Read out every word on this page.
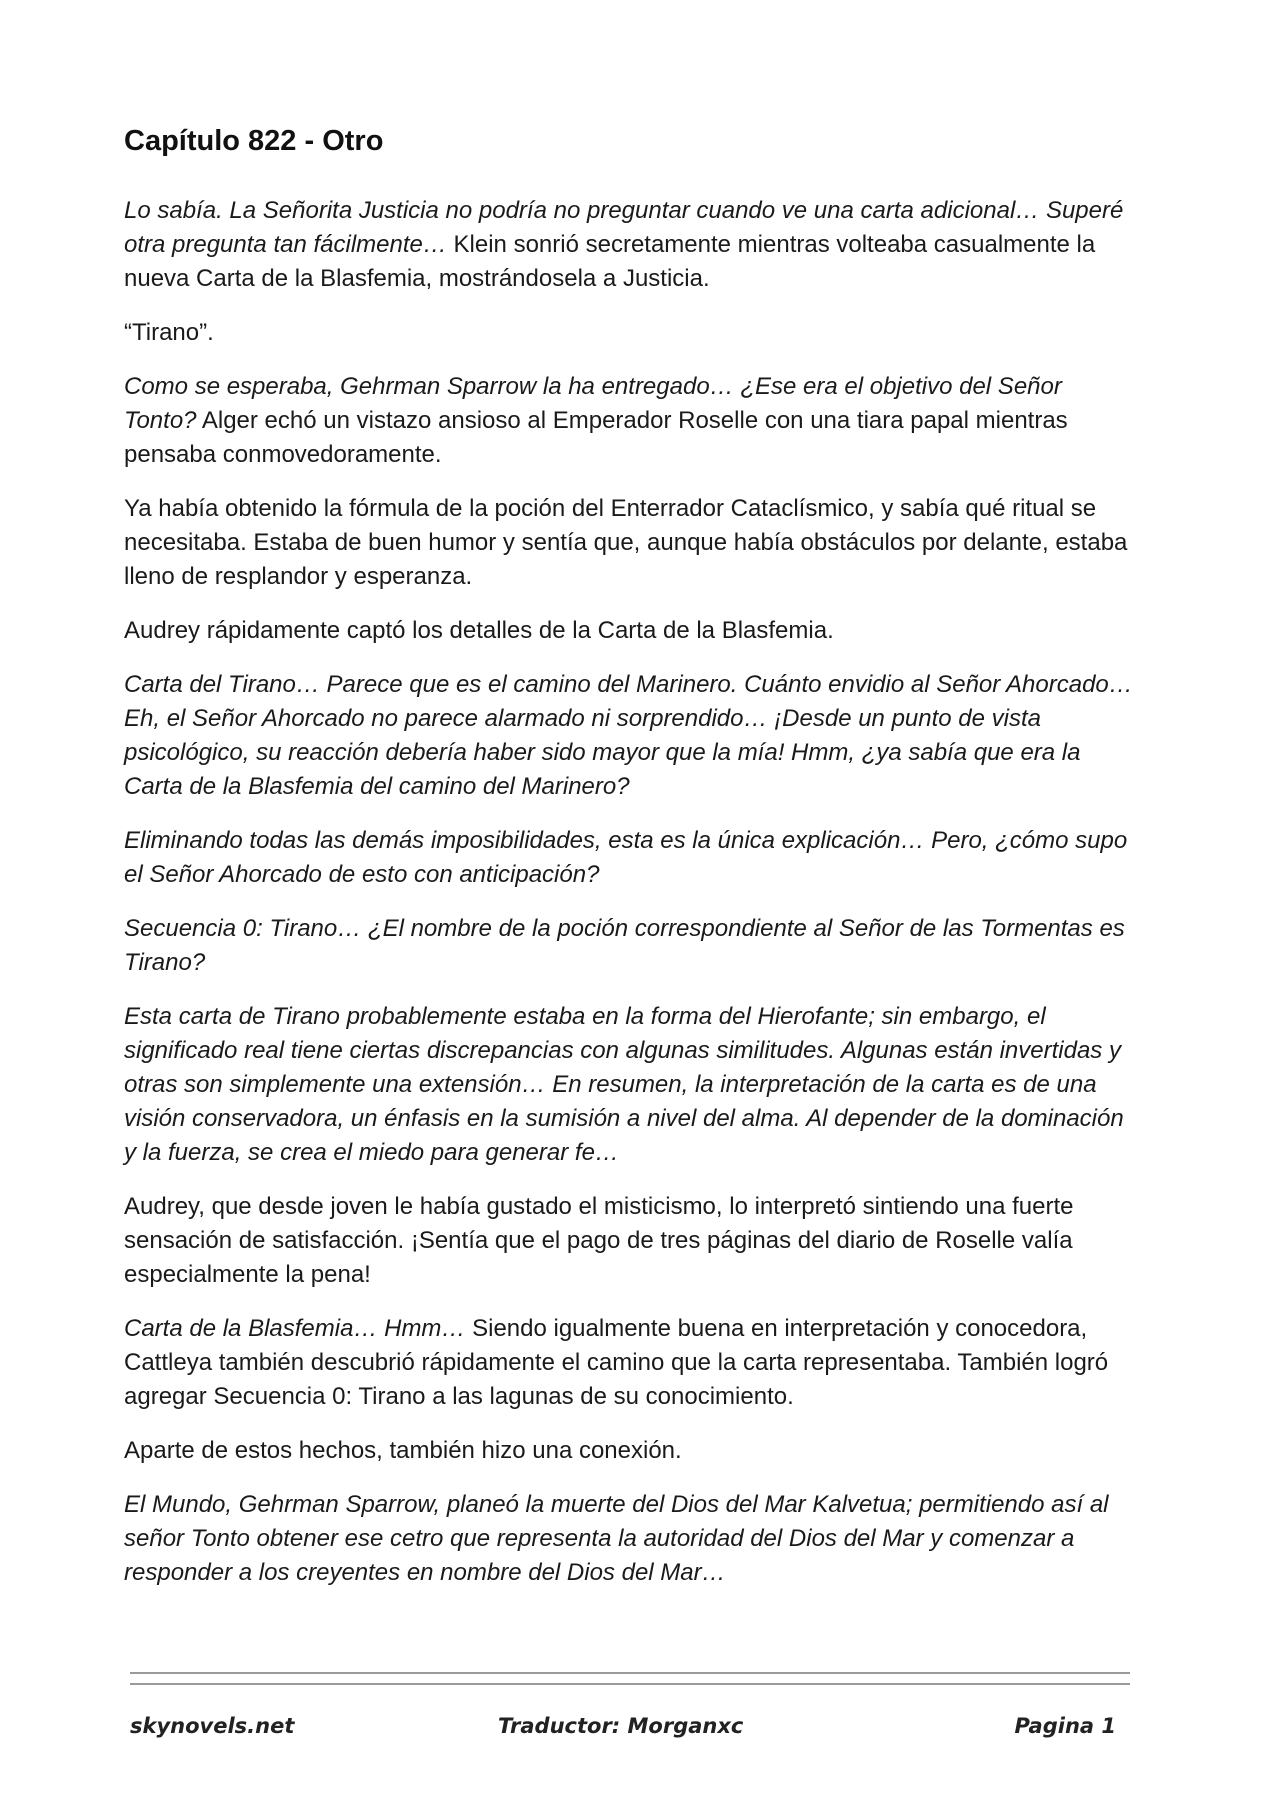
Capítulo 822 - Otro

Lo sabía. La Señorita Justicia no podría no preguntar cuando ve una carta adicional… Superé otra pregunta tan fácilmente… Klein sonrió secretamente mientras volteaba casualmente la nueva Carta de la Blasfemia, mostrándosela a Justicia.

“Tirano”.

Como se esperaba, Gehrman Sparrow la ha entregado… ¿Ese era el objetivo del Señor Tonto? Alger echó un vistazo ansioso al Emperador Roselle con una tiara papal mientras pensaba conmovedoramente.

Ya había obtenido la fórmula de la poción del Enterrador Cataclísmico, y sabía qué ritual se necesitaba. Estaba de buen humor y sentía que, aunque había obstáculos por delante, estaba lleno de resplandor y esperanza.

Audrey rápidamente captó los detalles de la Carta de la Blasfemia.

Carta del Tirano… Parece que es el camino del Marinero. Cuánto envidio al Señor Ahorcado… Eh, el Señor Ahorcado no parece alarmado ni sorprendido… ¡Desde un punto de vista psicológico, su reacción debería haber sido mayor que la mía! Hmm, ¿ya sabía que era la Carta de la Blasfemia del camino del Marinero?

Eliminando todas las demás imposibilidades, esta es la única explicación… Pero, ¿cómo supo el Señor Ahorcado de esto con anticipación?

Secuencia 0: Tirano… ¿El nombre de la poción correspondiente al Señor de las Tormentas es Tirano?

Esta carta de Tirano probablemente estaba en la forma del Hierofante; sin embargo, el significado real tiene ciertas discrepancias con algunas similitudes. Algunas están invertidas y otras son simplemente una extensión… En resumen, la interpretación de la carta es de una visión conservadora, un énfasis en la sumisión a nivel del alma. Al depender de la dominación y la fuerza, se crea el miedo para generar fe…

Audrey, que desde joven le había gustado el misticismo, lo interpretó sintiendo una fuerte sensación de satisfacción. ¡Sentía que el pago de tres páginas del diario de Roselle valía especialmente la pena!

Carta de la Blasfemia… Hmm… Siendo igualmente buena en interpretación y conocedora, Cattleya también descubrió rápidamente el camino que la carta representaba. También logró agregar Secuencia 0: Tirano a las lagunas de su conocimiento.

Aparte de estos hechos, también hizo una conexión.

El Mundo, Gehrman Sparrow, planeó la muerte del Dios del Mar Kalvetua; permitiendo así al señor Tonto obtener ese cetro que representa la autoridad del Dios del Mar y comenzar a responder a los creyentes en nombre del Dios del Mar…

skynovels.net	Traductor: Morganxc	Pagina 1
